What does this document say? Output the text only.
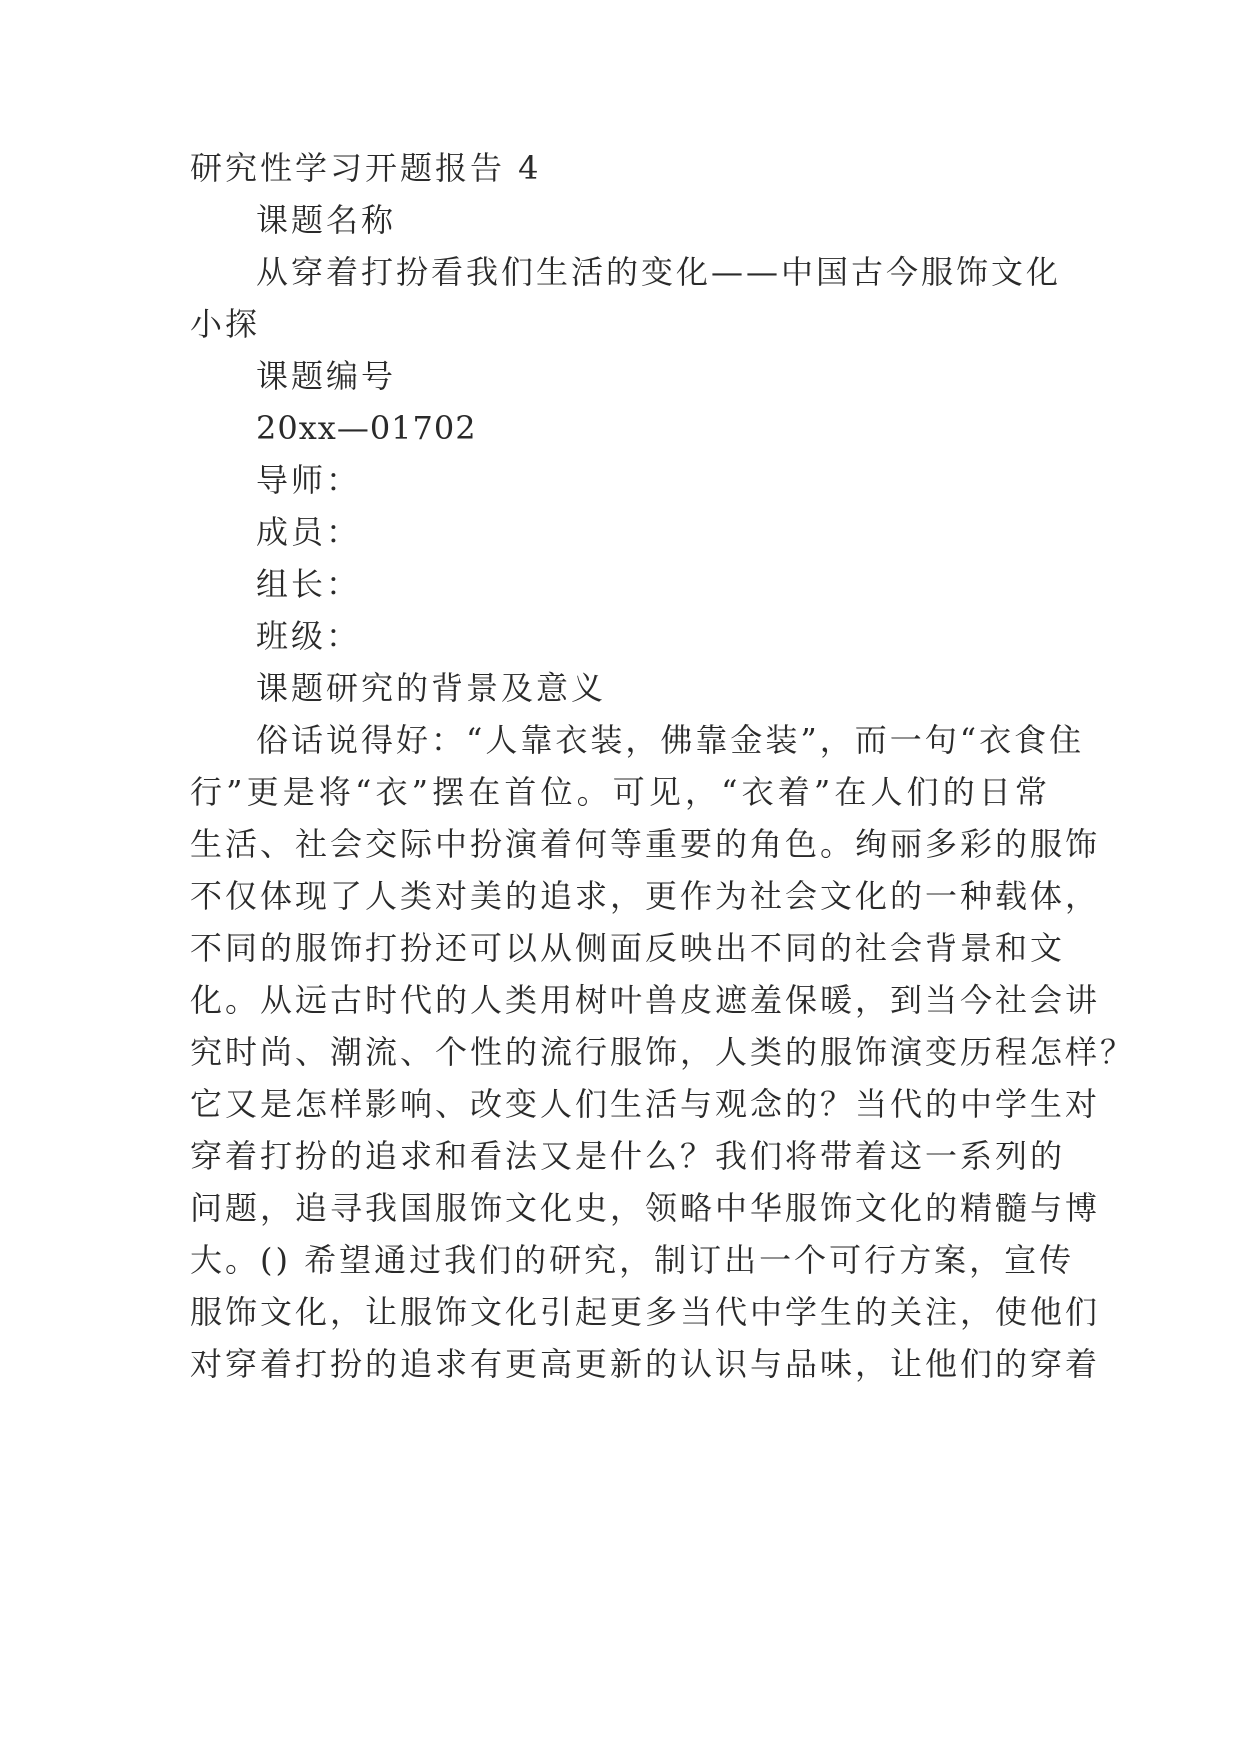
研究性学习开题报告 4
课题名称
从穿着打扮看我们生活的变化——中国古今服饰文化
小探
课题编号
20xx—01702
导师：
成员：
组长：
班级：
课题研究的背景及意义
俗话说得好：“人靠衣装，佛靠金装”，而一句“衣食住
行”更是将“衣”摆在首位。可见，“衣着”在人们的日常
生活、社会交际中扮演着何等重要的角色。绚丽多彩的服饰
不仅体现了人类对美的追求，更作为社会文化的一种载体，
不同的服饰打扮还可以从侧面反映出不同的社会背景和文
化。从远古时代的人类用树叶兽皮遮羞保暖，到当今社会讲
究时尚、潮流、个性的流行服饰，人类的服饰演变历程怎样？
它又是怎样影响、改变人们生活与观念的？当代的中学生对
穿着打扮的追求和看法又是什么？我们将带着这一系列的
问题，追寻我国服饰文化史，领略中华服饰文化的精髓与博
大。() 希望通过我们的研究，制订出一个可行方案，宣传
服饰文化，让服饰文化引起更多当代中学生的关注，使他们
对穿着打扮的追求有更高更新的认识与品味，让他们的穿着
